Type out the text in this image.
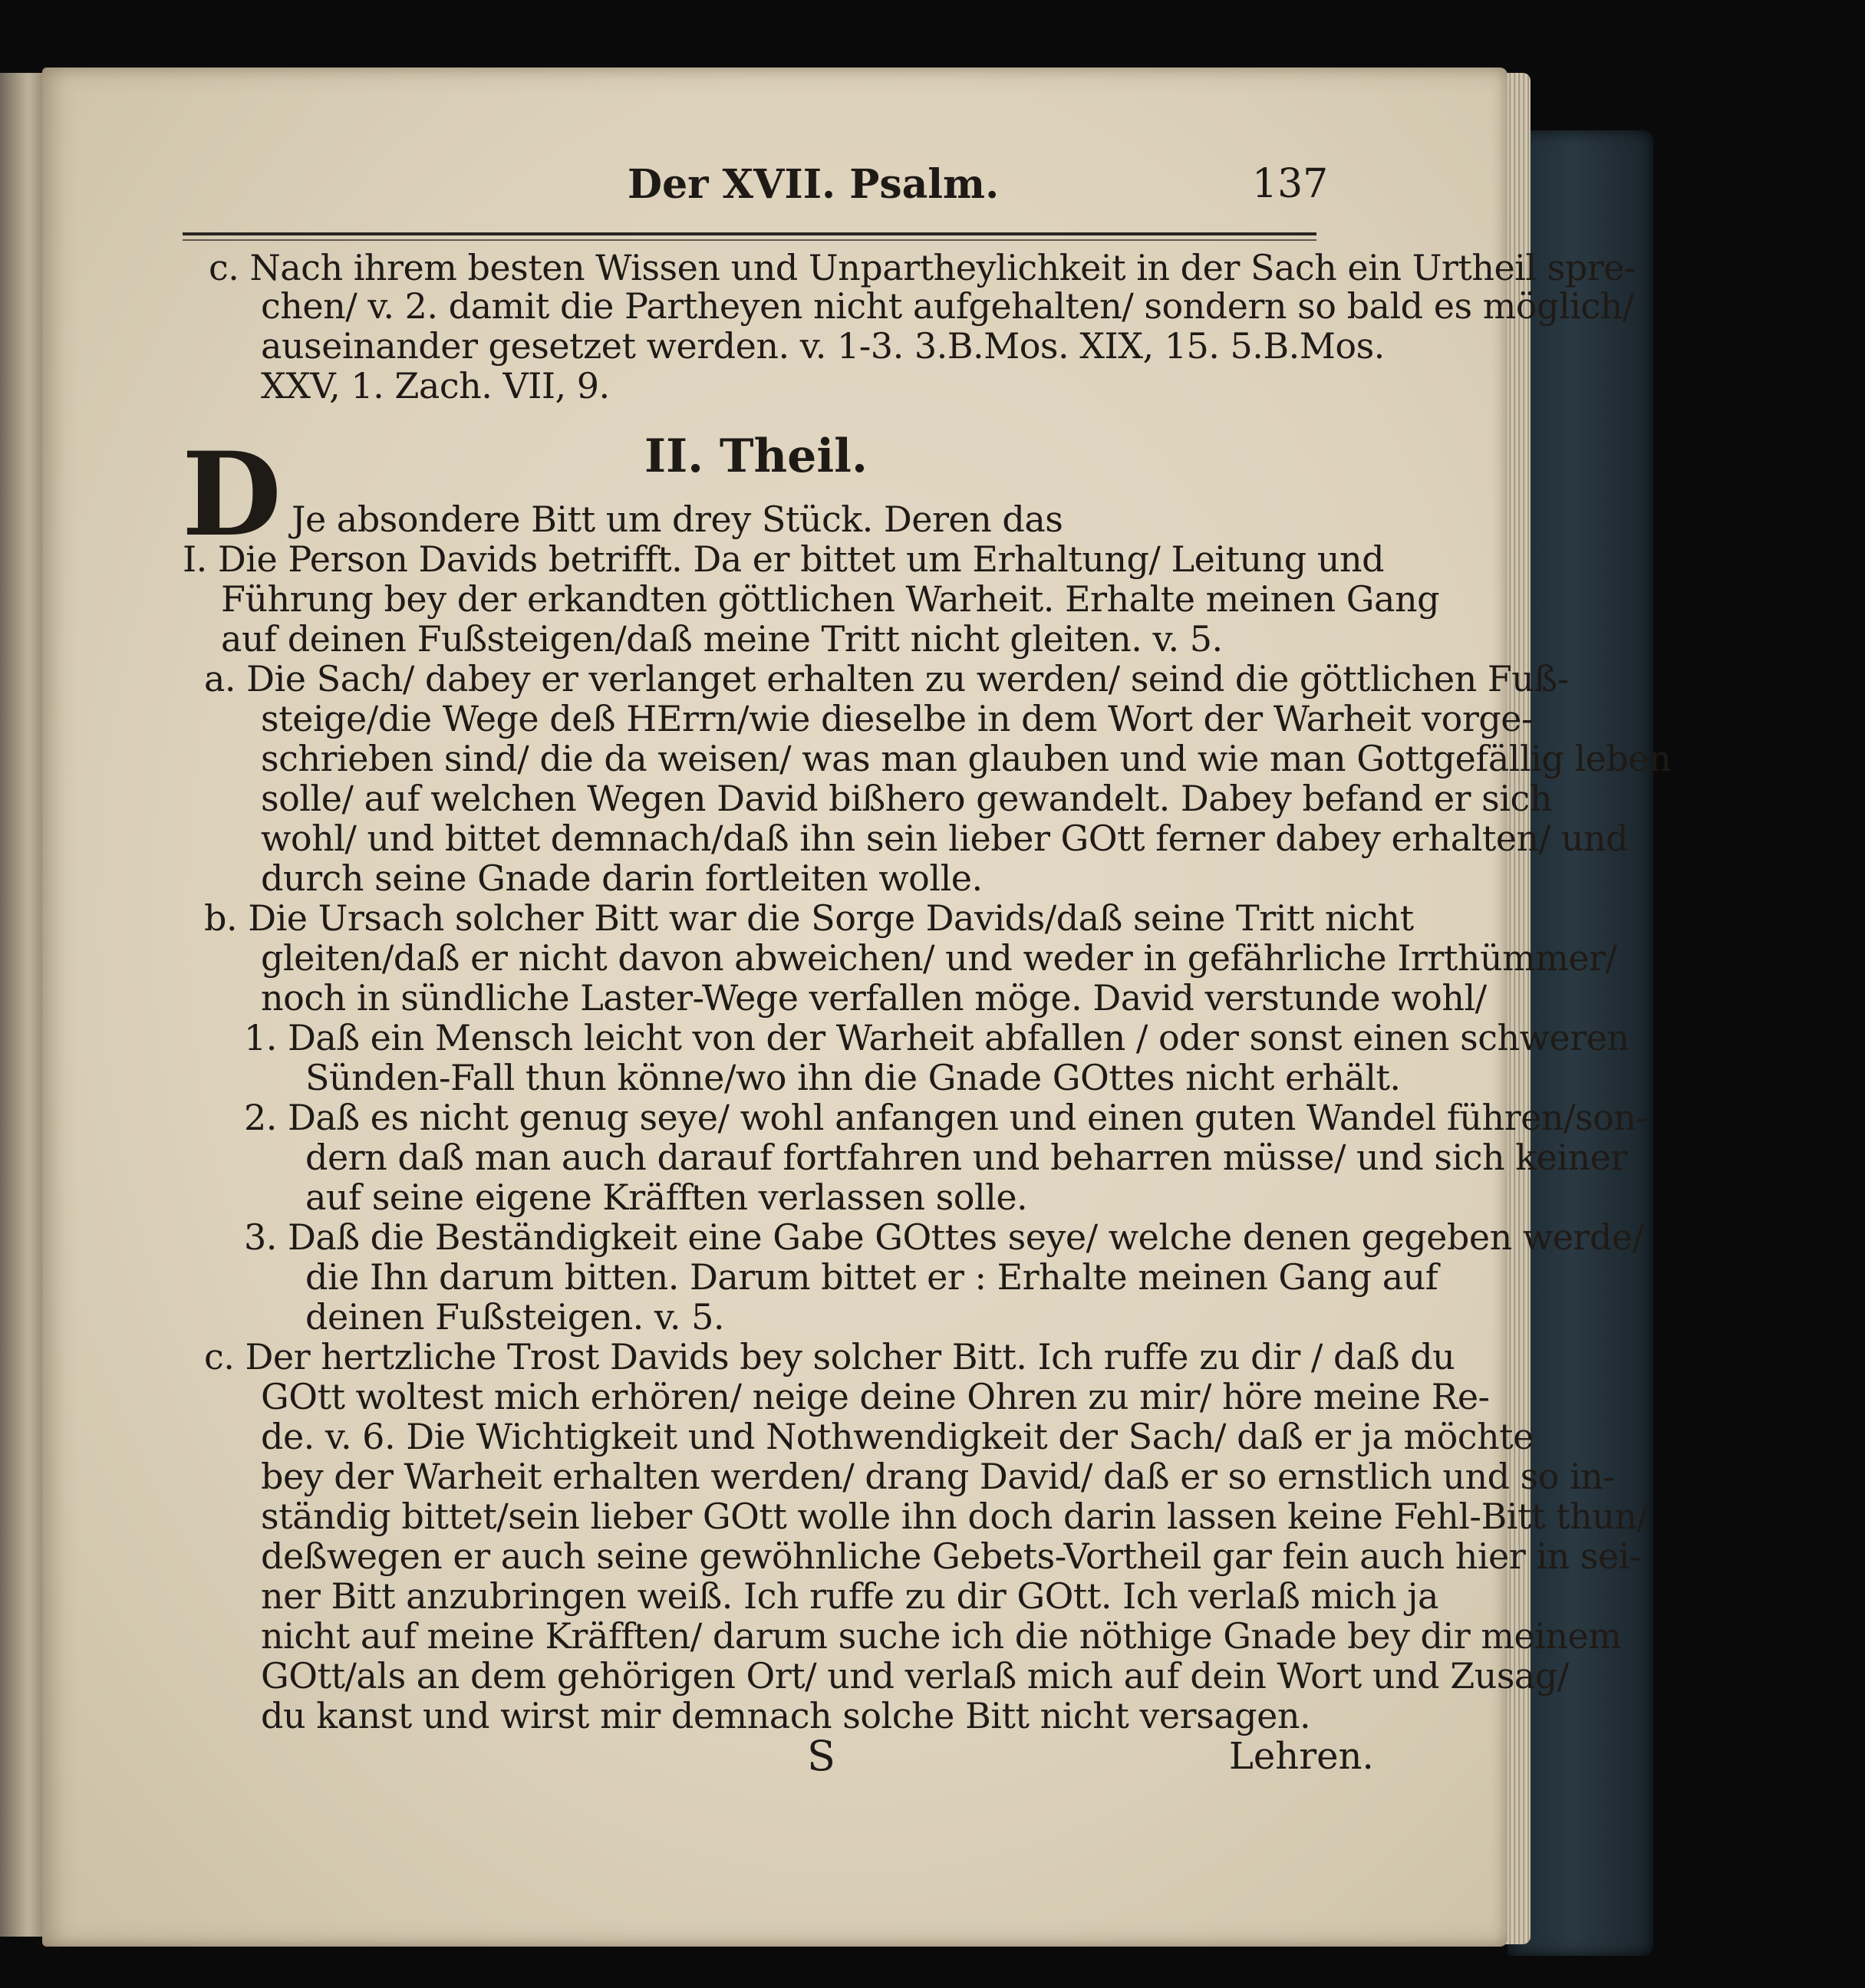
Der XVII. Psalm.	137
II. Theil.
D
c. Nach ihrem besten Wissen und Unpartheylichkeit in der Sach ein Urtheil spre-
chen/ v. 2. damit die Partheyen nicht aufgehalten/ sondern so bald es möglich/
auseinander gesetzet werden. v. 1-3. 3.B.Mos. XIX, 15. 5.B.Mos.
XXV, 1. Zach. VII, 9.
Je absondere Bitt um drey Stück. Deren das
I. Die Person Davids betrifft. Da er bittet um Erhaltung/ Leitung und
Führung bey der erkandten göttlichen Warheit. Erhalte meinen Gang
auf deinen Fußsteigen/daß meine Tritt nicht gleiten. v. 5.
a. Die Sach/ dabey er verlanget erhalten zu werden/ seind die göttlichen Fuß-
steige/die Wege deß HErrn/wie dieselbe in dem Wort der Warheit vorge-
schrieben sind/ die da weisen/ was man glauben und wie man Gottgefällig leben
solle/ auf welchen Wegen David bißhero gewandelt. Dabey befand er sich
wohl/ und bittet demnach/daß ihn sein lieber GOtt ferner dabey erhalten/ und
durch seine Gnade darin fortleiten wolle.
b. Die Ursach solcher Bitt war die Sorge Davids/daß seine Tritt nicht
gleiten/daß er nicht davon abweichen/ und weder in gefährliche Irrthümmer/
noch in sündliche Laster-Wege verfallen möge. David verstunde wohl/
1. Daß ein Mensch leicht von der Warheit abfallen / oder sonst einen schweren
Sünden-Fall thun könne/wo ihn die Gnade GOttes nicht erhält.
2. Daß es nicht genug seye/ wohl anfangen und einen guten Wandel führen/son-
dern daß man auch darauf fortfahren und beharren müsse/ und sich keiner
auf seine eigene Kräfften verlassen solle.
3. Daß die Beständigkeit eine Gabe GOttes seye/ welche denen gegeben werde/
die Ihn darum bitten. Darum bittet er : Erhalte meinen Gang auf
deinen Fußsteigen. v. 5.
c. Der hertzliche Trost Davids bey solcher Bitt. Ich ruffe zu dir / daß du
GOtt woltest mich erhören/ neige deine Ohren zu mir/ höre meine Re-
de. v. 6. Die Wichtigkeit und Nothwendigkeit der Sach/ daß er ja möchte
bey der Warheit erhalten werden/ drang David/ daß er so ernstlich und so in-
ständig bittet/sein lieber GOtt wolle ihn doch darin lassen keine Fehl-Bitt thun/
deßwegen er auch seine gewöhnliche Gebets-Vortheil gar fein auch hier in sei-
ner Bitt anzubringen weiß. Ich ruffe zu dir GOtt. Ich verlaß mich ja
nicht auf meine Kräfften/ darum suche ich die nöthige Gnade bey dir meinem
GOtt/als an dem gehörigen Ort/ und verlaß mich auf dein Wort und Zusag/
du kanst und wirst mir demnach solche Bitt nicht versagen.
S	Lehren.
